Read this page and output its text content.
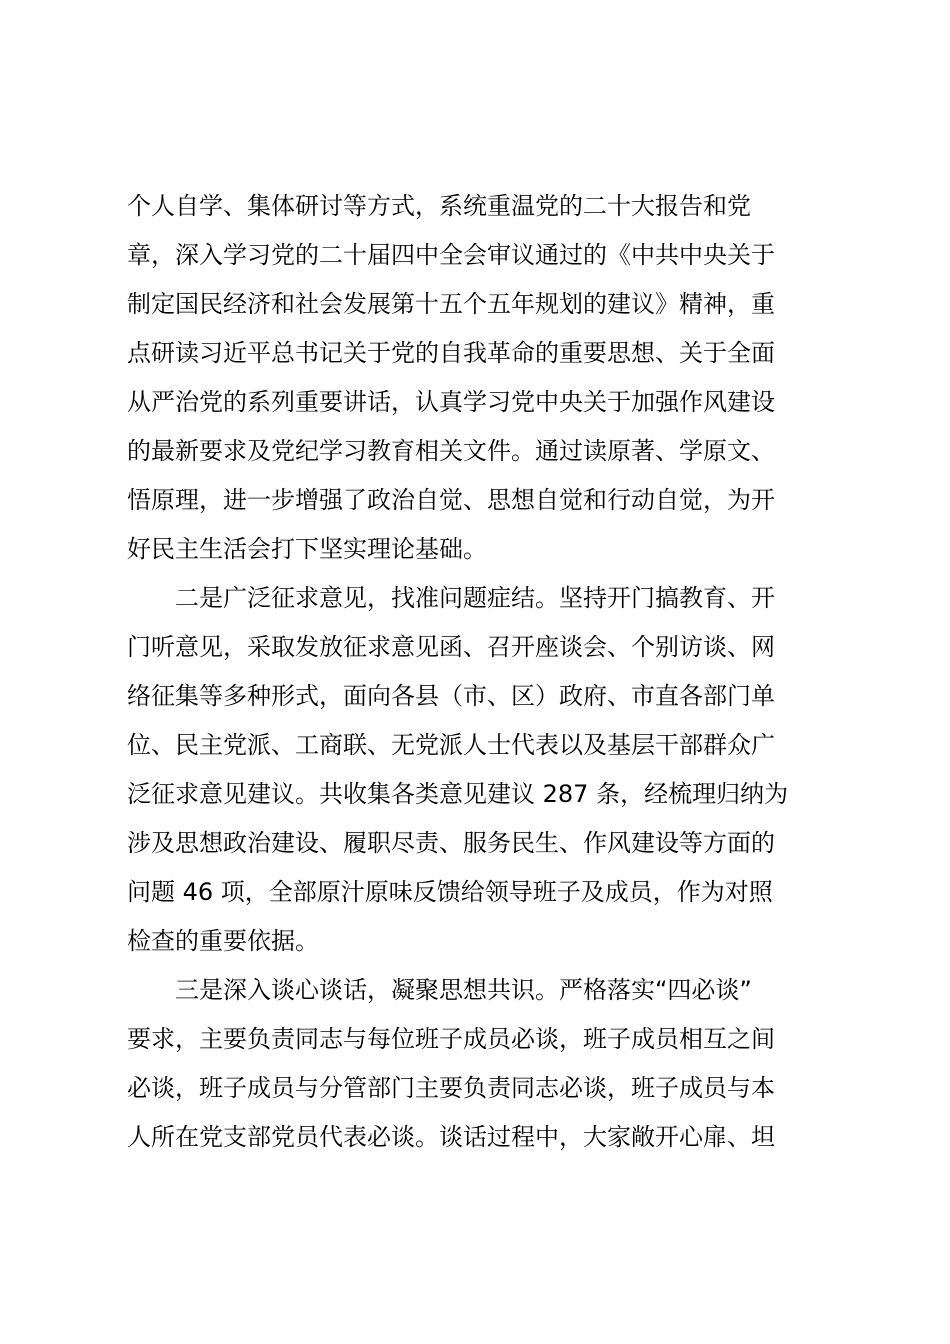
个人自学、集体研讨等方式，系统重温党的二十大报告和党
章，深入学习党的二十届四中全会审议通过的《中共中央关于
制定国民经济和社会发展第十五个五年规划的建议》精神，重
点研读习近平总书记关于党的自我革命的重要思想、关于全面
从严治党的系列重要讲话，认真学习党中央关于加强作风建设
的最新要求及党纪学习教育相关文件。通过读原著、学原文、
悟原理，进一步增强了政治自觉、思想自觉和行动自觉，为开
好民主生活会打下坚实理论基础。
二是广泛征求意见，找准问题症结。坚持开门搞教育、开
门听意见，采取发放征求意见函、召开座谈会、个别访谈、网
络征集等多种形式，面向各县（市、区）政府、市直各部门单
位、民主党派、工商联、无党派人士代表以及基层干部群众广
泛征求意见建议。共收集各类意见建议 287 条，经梳理归纳为
涉及思想政治建设、履职尽责、服务民生、作风建设等方面的
问题 46 项，全部原汁原味反馈给领导班子及成员，作为对照
检查的重要依据。
三是深入谈心谈话，凝聚思想共识。严格落实“四必谈”
要求，主要负责同志与每位班子成员必谈，班子成员相互之间
必谈，班子成员与分管部门主要负责同志必谈，班子成员与本
人所在党支部党员代表必谈。谈话过程中，大家敞开心扉、坦
